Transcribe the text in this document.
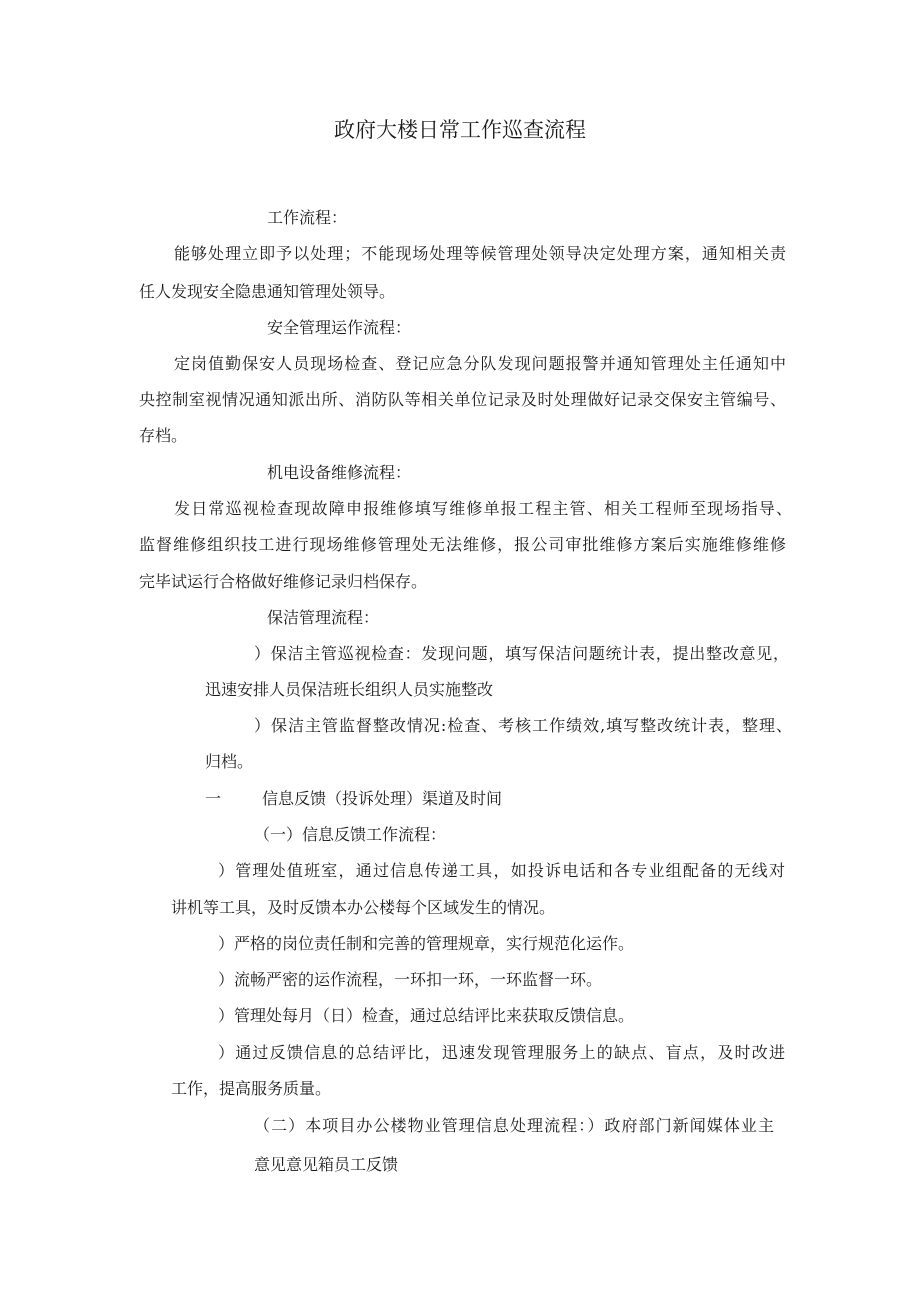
政府大楼日常工作巡查流程
工作流程：
能够处理立即予以处理；不能现场处理等候管理处领导决定处理方案，通知相关责
任人发现安全隐患通知管理处领导。
安全管理运作流程：
定岗值勤保安人员现场检查、登记应急分队发现问题报警并通知管理处主任通知中
央控制室视情况通知派出所、消防队等相关单位记录及时处理做好记录交保安主管编号、
存档。
机电设备维修流程：
发日常巡视检查现故障申报维修填写维修单报工程主管、相关工程师至现场指导、
监督维修组织技工进行现场维修管理处无法维修，报公司审批维修方案后实施维修维修
完毕试运行合格做好维修记录归档保存。
保洁管理流程：
）保洁主管巡视检查：发现问题，填写保洁问题统计表，提出整改意见，
迅速安排人员保洁班长组织人员实施整改
）保洁主管监督整改情况:检查、考核工作绩效,填写整改统计表，整理、
归档。
一	信息反馈（投诉处理）渠道及时间
（一）信息反馈工作流程：
）管理处值班室，通过信息传递工具，如投诉电话和各专业组配备的无线对
讲机等工具，及时反馈本办公楼每个区域发生的情况。
）严格的岗位责任制和完善的管理规章，实行规范化运作。
）流畅严密的运作流程，一环扣一环，一环监督一环。
）管理处每月（日）检查，通过总结评比来获取反馈信息。
）通过反馈信息的总结评比，迅速发现管理服务上的缺点、盲点，及时改进
工作，提高服务质量。
（二）本项目办公楼物业管理信息处理流程：）政府部门新闻媒体业主
意见意见箱员工反馈
